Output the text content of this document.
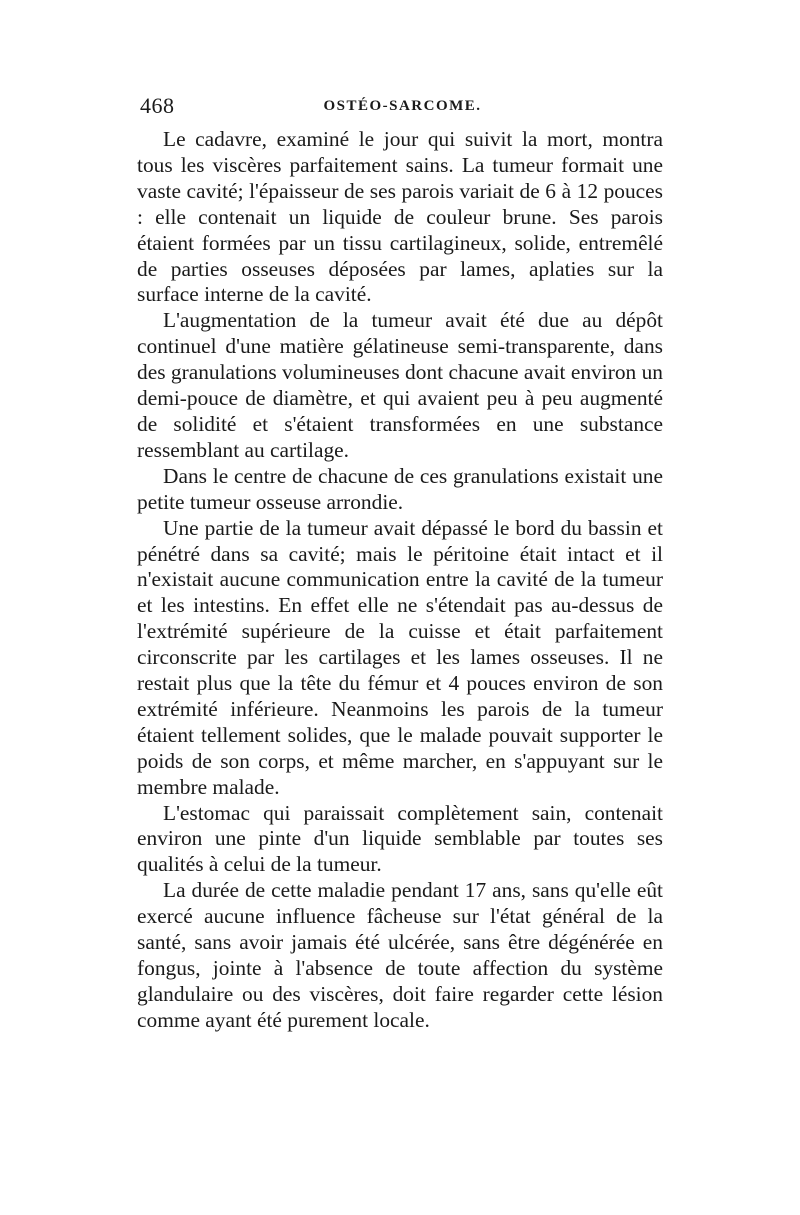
468	OSTÉO-SARCOME.

Le cadavre, examiné le jour qui suivit la mort, montra tous les viscères parfaitement sains. La tumeur formait une vaste cavité; l'épaisseur de ses parois variait de 6 à 12 pouces : elle contenait un liquide de couleur brune. Ses parois étaient formées par un tissu cartilagineux, solide, entremêlé de parties osseuses déposées par lames, aplaties sur la surface interne de la cavité.

L'augmentation de la tumeur avait été due au dépôt continuel d'une matière gélatineuse semi-transparente, dans des granulations volumineuses dont chacune avait environ un demi-pouce de diamètre, et qui avaient peu à peu augmenté de solidité et s'étaient transformées en une substance ressemblant au cartilage.

Dans le centre de chacune de ces granulations existait une petite tumeur osseuse arrondie.

Une partie de la tumeur avait dépassé le bord du bassin et pénétré dans sa cavité; mais le péritoine était intact et il n'existait aucune communication entre la cavité de la tumeur et les intestins. En effet elle ne s'étendait pas au-dessus de l'extrémité supérieure de la cuisse et était parfaitement circonscrite par les cartilages et les lames osseuses. Il ne restait plus que la tête du fémur et 4 pouces environ de son extrémité inférieure. Neanmoins les parois de la tumeur étaient tellement solides, que le malade pouvait supporter le poids de son corps, et même marcher, en s'appuyant sur le membre malade.

L'estomac qui paraissait complètement sain, contenait environ une pinte d'un liquide semblable par toutes ses qualités à celui de la tumeur.

La durée de cette maladie pendant 17 ans, sans qu'elle eût exercé aucune influence fâcheuse sur l'état général de la santé, sans avoir jamais été ulcérée, sans être dégénérée en fongus, jointe à l'absence de toute affection du système glandulaire ou des viscères, doit faire regarder cette lésion comme ayant été purement locale.
